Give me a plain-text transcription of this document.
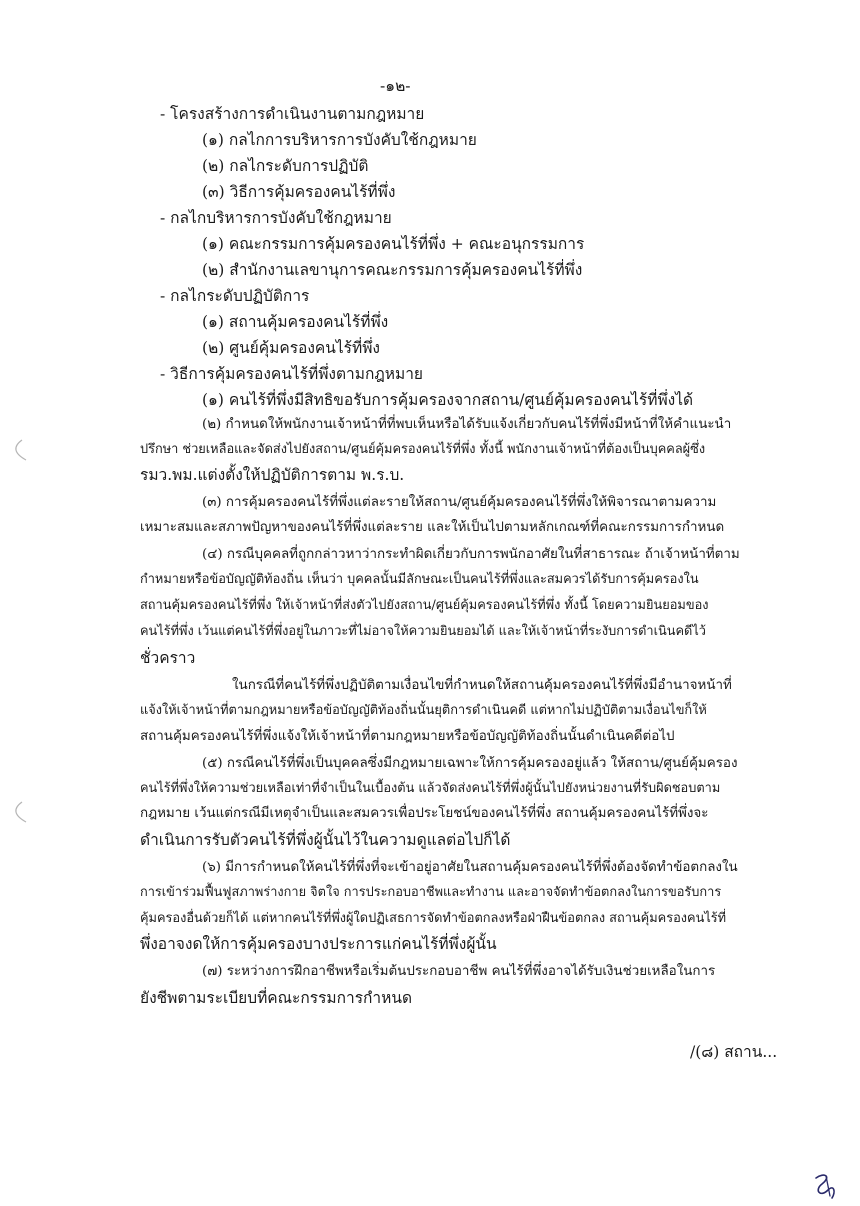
-๑๒-
- โครงสร้างการดำเนินงานตามกฎหมาย
(๑) กลไกการบริหารการบังคับใช้กฎหมาย
(๒) กลไกระดับการปฏิบัติ
(๓) วิธีการคุ้มครองคนไร้ที่พึ่ง
- กลไกบริหารการบังคับใช้กฎหมาย
(๑) คณะกรรมการคุ้มครองคนไร้ที่พึ่ง + คณะอนุกรรมการ
(๒) สำนักงานเลขานุการคณะกรรมการคุ้มครองคนไร้ที่พึ่ง
- กลไกระดับปฏิบัติการ
(๑) สถานคุ้มครองคนไร้ที่พึ่ง
(๒) ศูนย์คุ้มครองคนไร้ที่พึ่ง
- วิธีการคุ้มครองคนไร้ที่พึ่งตามกฎหมาย
(๑) คนไร้ที่พึ่งมีสิทธิขอรับการคุ้มครองจากสถาน/ศูนย์คุ้มครองคนไร้ที่พึ่งได้
(๒) กำหนดให้พนักงานเจ้าหน้าที่ที่พบเห็นหรือได้รับแจ้งเกี่ยวกับคนไร้ที่พึ่งมีหน้าที่ให้คำแนะนำ
ปรึกษา ช่วยเหลือและจัดส่งไปยังสถาน/ศูนย์คุ้มครองคนไร้ที่พึ่ง ทั้งนี้ พนักงานเจ้าหน้าที่ต้องเป็นบุคคลผู้ซึ่ง
รมว.พม.แต่งตั้งให้ปฏิบัติการตาม พ.ร.บ.
(๓) การคุ้มครองคนไร้ที่พึ่งแต่ละรายให้สถาน/ศูนย์คุ้มครองคนไร้ที่พึ่งให้พิจารณาตามความ
เหมาะสมและสภาพปัญหาของคนไร้ที่พึ่งแต่ละราย และให้เป็นไปตามหลักเกณฑ์ที่คณะกรรมการกำหนด
(๔) กรณีบุคคลที่ถูกกล่าวหาว่ากระทำผิดเกี่ยวกับการพนักอาศัยในที่สาธารณะ ถ้าเจ้าหน้าที่ตาม
กำหมายหรือข้อบัญญัติท้องถิ่น เห็นว่า บุคคลนั้นมีลักษณะเป็นคนไร้ที่พึ่งและสมควรได้รับการคุ้มครองใน
สถานคุ้มครองคนไร้ที่พึ่ง ให้เจ้าหน้าที่ส่งตัวไปยังสถาน/ศูนย์คุ้มครองคนไร้ที่พึ่ง ทั้งนี้ โดยความยินยอมของ
คนไร้ที่พึ่ง เว้นแต่คนไร้ที่พึ่งอยู่ในภาวะที่ไม่อาจให้ความยินยอมได้ และให้เจ้าหน้าที่ระงับการดำเนินคดีไว้
ชั่วคราว
ในกรณีที่คนไร้ที่พึ่งปฏิบัติตามเงื่อนไขที่กำหนดให้สถานคุ้มครองคนไร้ที่พึ่งมีอำนาจหน้าที่
แจ้งให้เจ้าหน้าที่ตามกฎหมายหรือข้อบัญญัติท้องถิ่นนั้นยุติการดำเนินคดี แต่หากไม่ปฏิบัติตามเงื่อนไขก็ให้
สถานคุ้มครองคนไร้ที่พึ่งแจ้งให้เจ้าหน้าที่ตามกฎหมายหรือข้อบัญญัติท้องถิ่นนั้นดำเนินคดีต่อไป
(๕) กรณีคนไร้ที่พึ่งเป็นบุคคลซึ่งมีกฎหมายเฉพาะให้การคุ้มครองอยู่แล้ว ให้สถาน/ศูนย์คุ้มครอง
คนไร้ที่พึ่งให้ความช่วยเหลือเท่าที่จำเป็นในเบื้องต้น แล้วจัดส่งคนไร้ที่พึ่งผู้นั้นไปยังหน่วยงานที่รับผิดชอบตาม
กฎหมาย เว้นแต่กรณีมีเหตุจำเป็นและสมควรเพื่อประโยชน์ของคนไร้ที่พึ่ง สถานคุ้มครองคนไร้ที่พึ่งจะ
ดำเนินการรับตัวคนไร้ที่พึ่งผู้นั้นไว้ในความดูแลต่อไปก็ได้
(๖) มีการกำหนดให้คนไร้ที่พึ่งที่จะเข้าอยู่อาศัยในสถานคุ้มครองคนไร้ที่พึ่งต้องจัดทำข้อตกลงใน
การเข้าร่วมฟื้นฟูสภาพร่างกาย จิตใจ การประกอบอาชีพและทำงาน และอาจจัดทำข้อตกลงในการขอรับการ
คุ้มครองอื่นด้วยก็ได้ แต่หากคนไร้ที่พึ่งผู้ใดปฏิเสธการจัดทำข้อตกลงหรือฝ่าฝืนข้อตกลง สถานคุ้มครองคนไร้ที่
พึ่งอาจงดให้การคุ้มครองบางประการแก่คนไร้ที่พึ่งผู้นั้น
(๗) ระหว่างการฝึกอาชีพหรือเริ่มต้นประกอบอาชีพ คนไร้ที่พึ่งอาจได้รับเงินช่วยเหลือในการ
ยังชีพตามระเบียบที่คณะกรรมการกำหนด
/(๘) สถาน...
